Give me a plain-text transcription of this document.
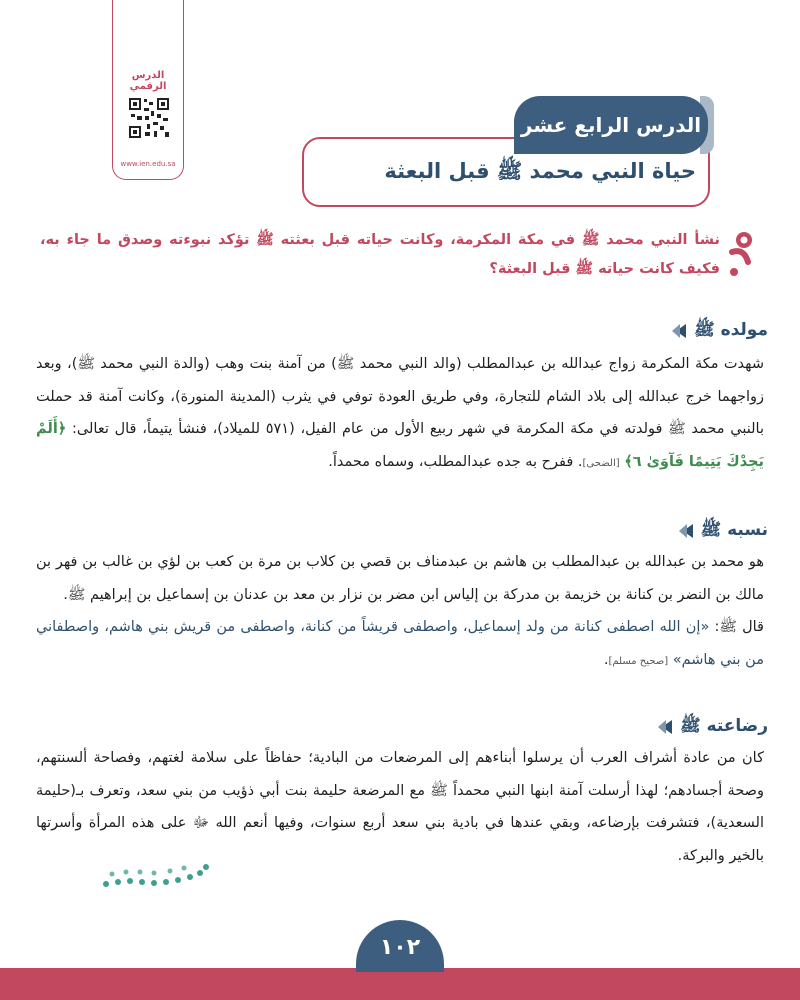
الدرس الرقمي
www.ien.edu.sa
الدرس الرابع عشر
حياة النبي محمد ﷺ قبل البعثة
نشأ النبي محمد ﷺ في مكة المكرمة، وكانت حياته قبل بعثته ﷺ تؤكد نبوءته وصدق ما جاء به، فكيف كانت حياته ﷺ قبل البعثة؟
مولده ﷺ
شهدت مكة المكرمة زواج عبدالله بن عبدالمطلب (والد النبي محمد ﷺ) من آمنة بنت وهب (والدة النبي محمد ﷺ)، وبعد زواجهما خرج عبدالله إلى بلاد الشام للتجارة، وفي طريق العودة توفي في يثرب (المدينة المنورة)، وكانت آمنة قد حملت بالنبي محمد ﷺ فولدته في مكة المكرمة في شهر ربيع الأول من عام الفيل، (٥٧١ للميلاد)، فنشأ يتيماً، قال تعالى: ﴿أَلَمْ يَجِدْكَ يَتِيمًا فَآوَىٰ ⁦٦⁩﴾ [الضحى]. ففرح به جده عبدالمطلب، وسماه محمداً.
نسبه ﷺ
هو محمد بن عبدالله بن عبدالمطلب بن هاشم بن عبدمناف بن قصي بن كلاب بن مرة بن كعب بن لؤي بن غالب بن فهر بن مالك بن النضر بن كنانة بن خزيمة بن مدركة بن إلياس ابن مضر بن نزار بن معد بن عدنان بن إسماعيل بن إبراهيم ﷺ.
قال ﷺ: «إن الله اصطفى كنانة من ولد إسماعيل، واصطفى قريشاً من كنانة، واصطفى من قريش بني هاشم، واصطفاني من بني هاشم» [صحيح مسلم].
رضاعته ﷺ
كان من عادة أشراف العرب أن يرسلوا أبناءهم إلى المرضعات من البادية؛ حفاظاً على سلامة لغتهم، وفصاحة ألسنتهم، وصحة أجسادهم؛ لهذا أرسلت آمنة ابنها النبي محمداً ﷺ مع المرضعة حليمة بنت أبي ذؤيب من بني سعد، وتعرف بـ(حليمة السعدية)، فتشرفت بإرضاعه، وبقي عندها في بادية بني سعد أربع سنوات، وفيها أنعم الله ﷻ على هذه المرأة وأسرتها بالخير والبركة.
١٠٢
